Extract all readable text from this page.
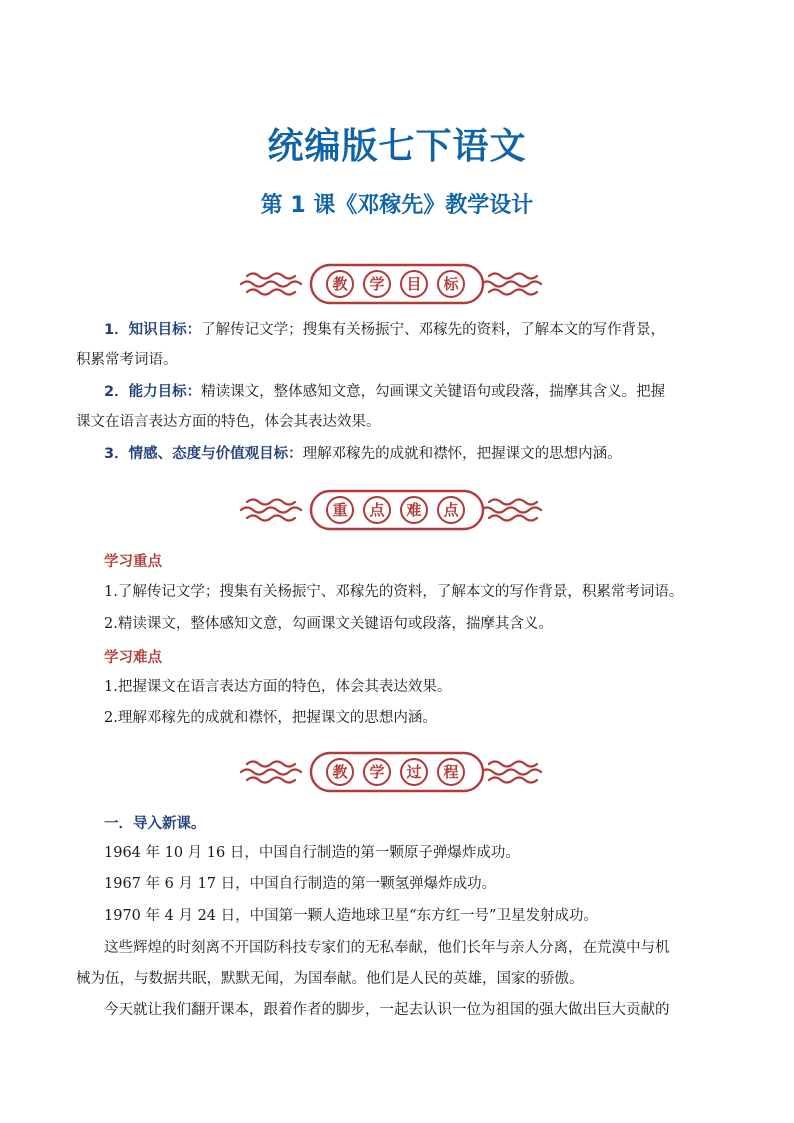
统编版七下语文
第 1 课《邓稼先》教学设计
教	学	目	标
1．知识目标：了解传记文学；搜集有关杨振宁、邓稼先的资料，了解本文的写作背景，
积累常考词语。
2．能力目标：精读课文，整体感知文意，勾画课文关键语句或段落，揣摩其含义。把握
课文在语言表达方面的特色，体会其表达效果。
3．情感、态度与价值观目标：理解邓稼先的成就和襟怀，把握课文的思想内涵。
重	点	难	点
学习重点
1.了解传记文学；搜集有关杨振宁、邓稼先的资料，了解本文的写作背景，积累常考词语。
2.精读课文，整体感知文意，勾画课文关键语句或段落，揣摩其含义。
学习难点
1.把握课文在语言表达方面的特色，体会其表达效果。
2.理解邓稼先的成就和襟怀，把握课文的思想内涵。
教	学	过	程
一．导入新课。
1964 年 10 月 16 日，中国自行制造的第一颗原子弹爆炸成功。
1967 年 6 月 17 日，中国自行制造的第一颗氢弹爆炸成功。
1970 年 4 月 24 日，中国第一颗人造地球卫星“东方红一号”卫星发射成功。
这些辉煌的时刻离不开国防科技专家们的无私奉献，他们长年与亲人分离，在荒漠中与机
械为伍，与数据共眠，默默无闻，为国奉献。他们是人民的英雄，国家的骄傲。
今天就让我们翻开课本，跟着作者的脚步，一起去认识一位为祖国的强大做出巨大贡献的
